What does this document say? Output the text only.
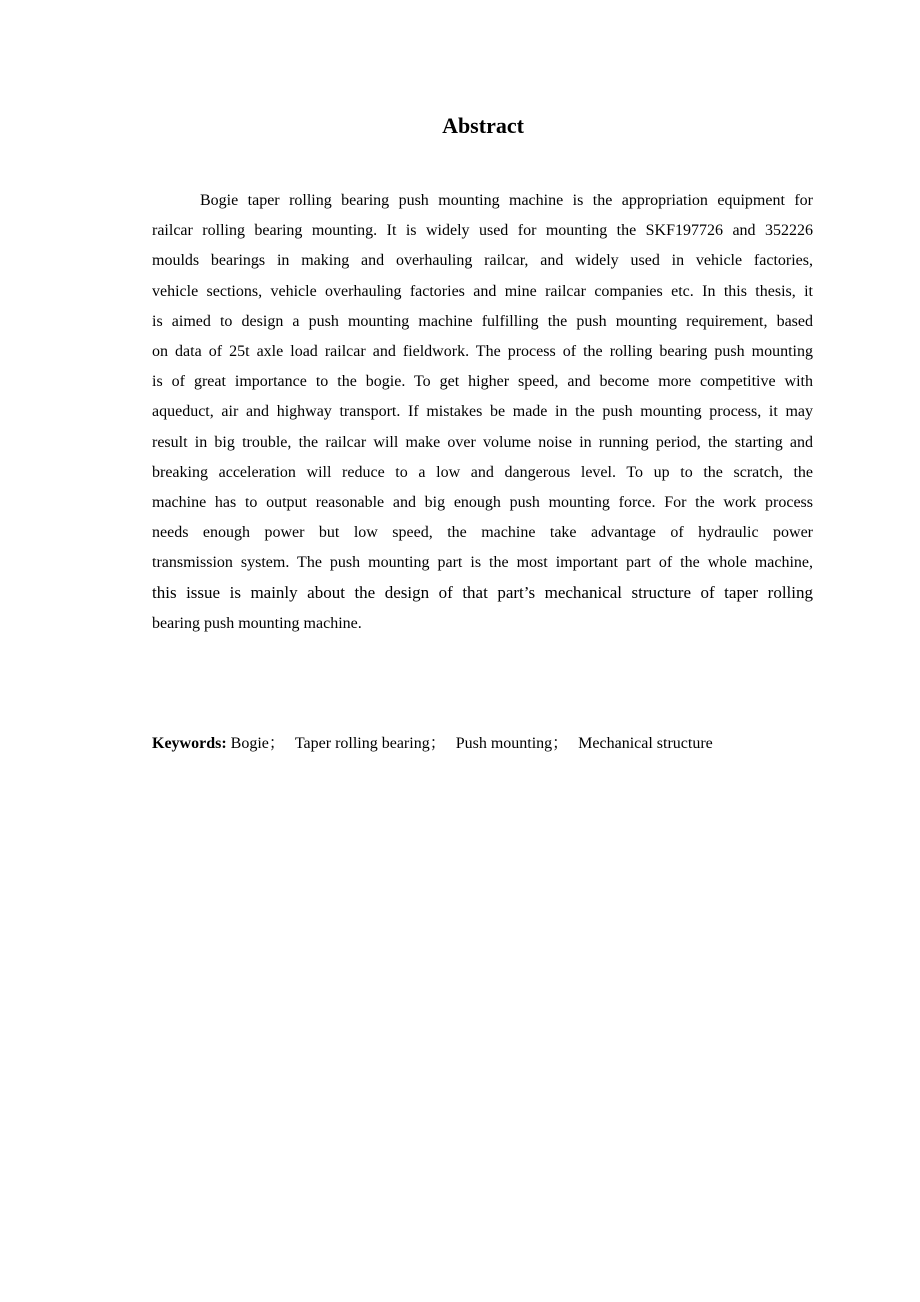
Abstract
Bogie taper rolling bearing push mounting machine is the appropriation equipment for
railcar rolling bearing mounting. It is widely used for mounting the SKF197726 and 352226
moulds bearings in making and overhauling railcar, and widely used in vehicle factories,
vehicle sections, vehicle overhauling factories and mine railcar companies etc. In this thesis, it
is aimed to design a push mounting machine fulfilling the push mounting requirement, based
on data of 25t axle load railcar and fieldwork. The process of the rolling bearing push mounting
is of great importance to the bogie. To get higher speed, and become more competitive with
aqueduct, air and highway transport. If mistakes be made in the push mounting process, it may
result in big trouble, the railcar will make over volume noise in running period, the starting and
breaking acceleration will reduce to a low and dangerous level. To up to the scratch, the
machine has to output reasonable and big enough push mounting force. For the work process
needs enough power but low speed, the machine take advantage of hydraulic power
transmission system. The push mounting part is the most important part of the whole machine,
this issue is mainly about the design of that part’s mechanical structure of taper rolling
bearing push mounting machine.

Keywords: Bogie； Taper rolling bearing； Push mounting； Mechanical structure
